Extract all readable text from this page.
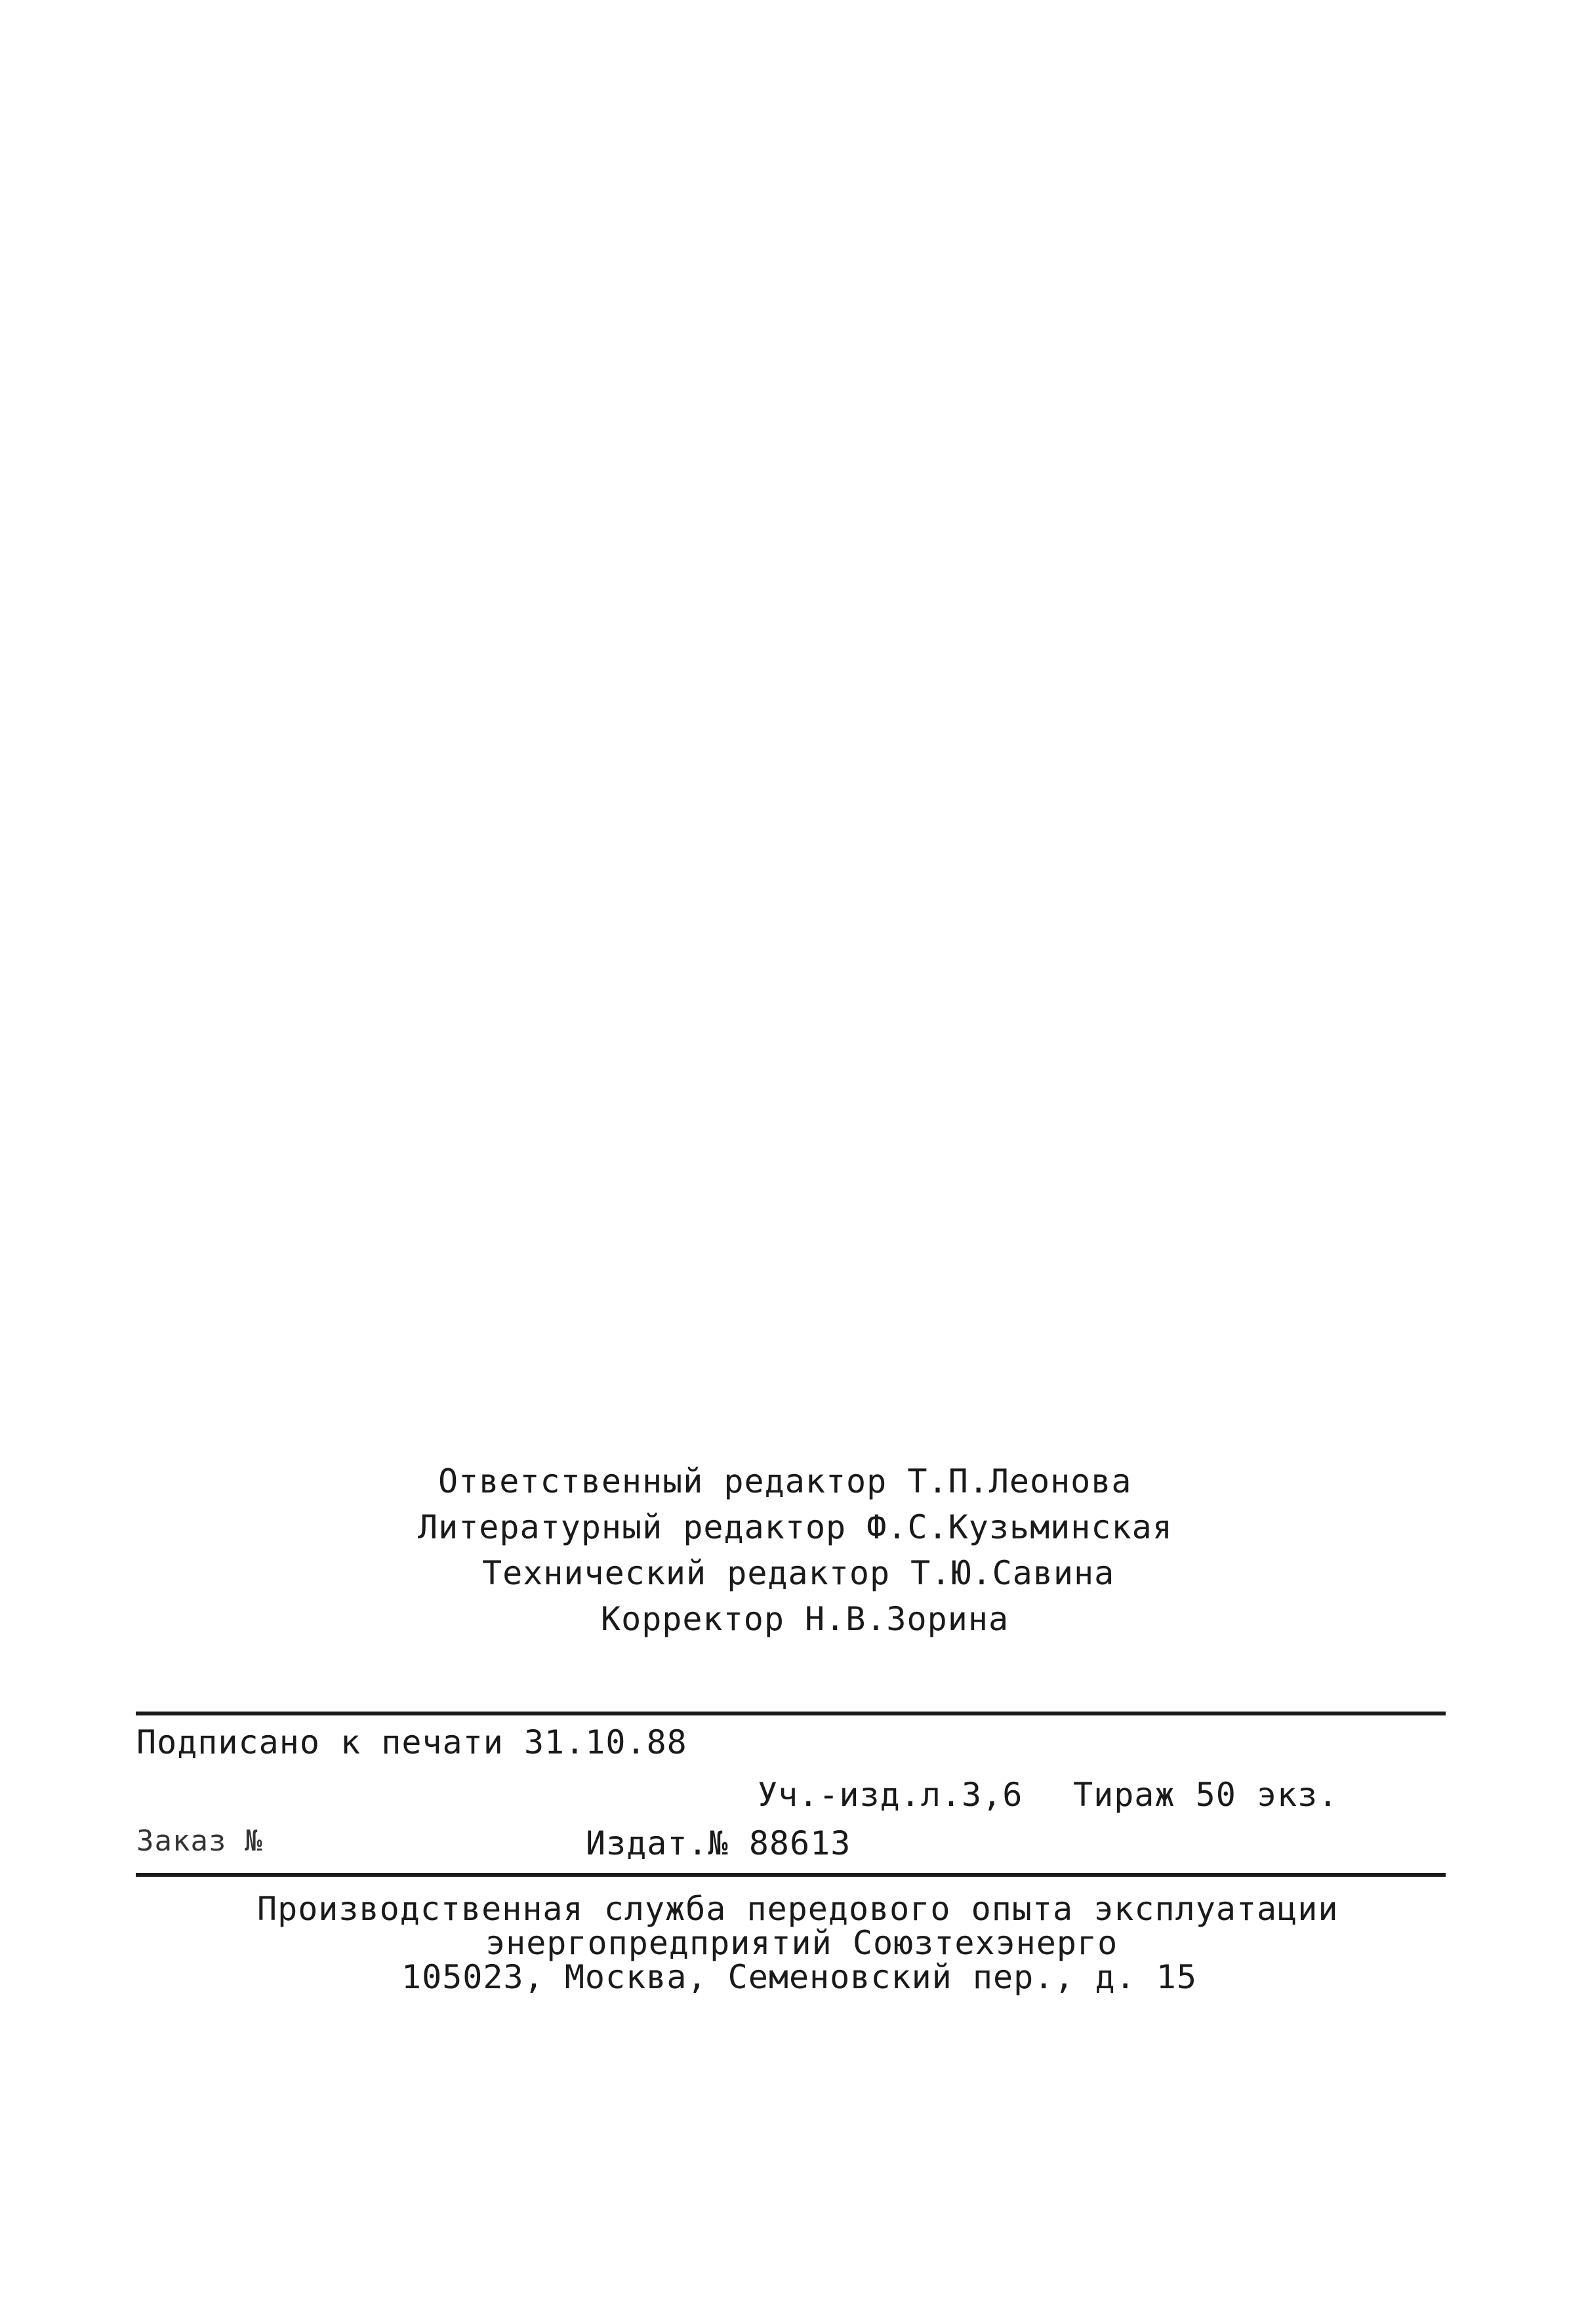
Ответственный редактор Т.П.Леонова
Литературный редактор Ф.С.Кузьминская
Технический редактор Т.Ю.Савина
Корректор Н.В.Зорина
Подписано к печати 31.10.88
Уч.-изд.л.3,6 Тираж 50 экз.
Заказ №	Издат.№ 88613
Производственная служба передового опыта эксплуатации
энергопредприятий Союзтехэнерго
105023, Москва, Семеновский пер., д. 15
